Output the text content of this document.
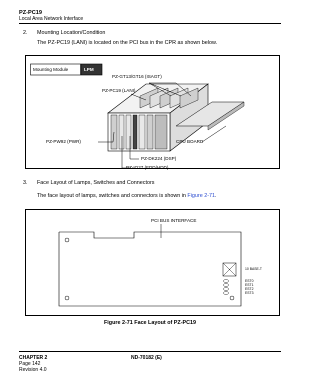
PZ-PC19
Local Area Network Interface
2. Mounting Location/Condition
The PZ-PC19 (LANI) is located on the PCI bus in the CPR as shown below.
Mounting Module	LPM
PZ-GT13/GT16 (ISAGT)
PZ-PC19 (LANI)
CPU BOARD
PZ-PW92 (PWR)
PZ-DK224 (DSP)
PZ-IO27 (FDD/HDD)
3. Face Layout of Lamps, Switches and Connectors
The face layout of lamps, switches and connectors is shown in Figure 2-71.
PCI BUS INTERFACE
10 BASE-T
EST0
EST1
EST2
EST3
Figure 2-71 Face Layout of PZ-PC19
CHAPTER 2
Page 142
Revision 4.0
ND-70182 (E)
